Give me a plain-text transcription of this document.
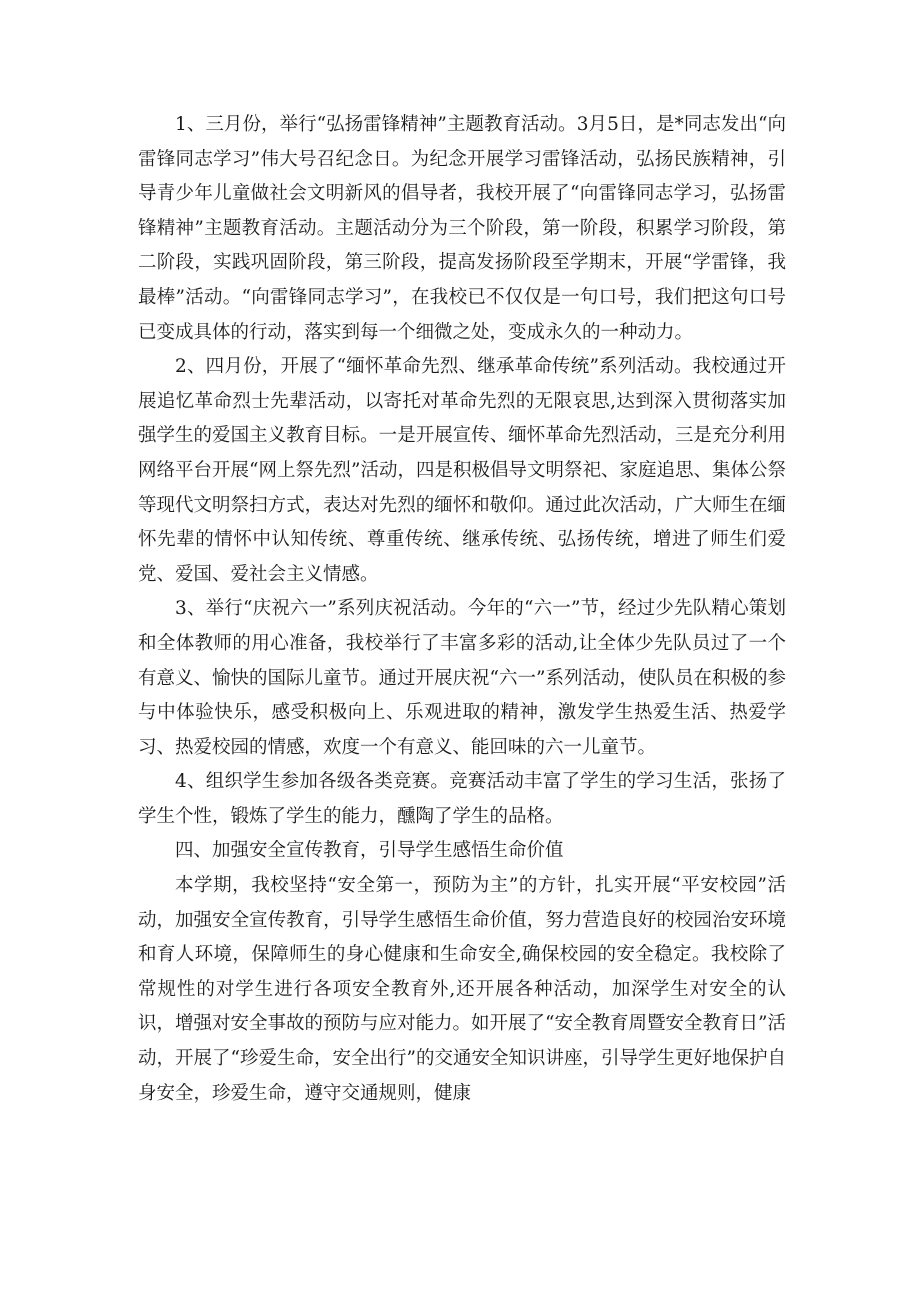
1、三月份，举行“弘扬雷锋精神”主题教育活动。3月5日，是*同志发出“向雷锋同志学习”伟大号召纪念日。为纪念开展学习雷锋活动，弘扬民族精神，引导青少年儿童做社会文明新风的倡导者，我校开展了“向雷锋同志学习，弘扬雷锋精神”主题教育活动。主题活动分为三个阶段，第一阶段，积累学习阶段，第二阶段，实践巩固阶段，第三阶段，提高发扬阶段至学期末，开展“学雷锋，我最棒”活动。“向雷锋同志学习”，在我校已不仅仅是一句口号，我们把这句口号已变成具体的行动，落实到每一个细微之处，变成永久的一种动力。

2、四月份，开展了“缅怀革命先烈、继承革命传统”系列活动。我校通过开展追忆革命烈士先辈活动，以寄托对革命先烈的无限哀思,达到深入贯彻落实加强学生的爱国主义教育目标。一是开展宣传、缅怀革命先烈活动，三是充分利用网络平台开展“网上祭先烈”活动，四是积极倡导文明祭祀、家庭追思、集体公祭等现代文明祭扫方式，表达对先烈的缅怀和敬仰。通过此次活动，广大师生在缅怀先辈的情怀中认知传统、尊重传统、继承传统、弘扬传统，增进了师生们爱党、爱国、爱社会主义情感。

3、举行“庆祝六一”系列庆祝活动。今年的“六一”节，经过少先队精心策划和全体教师的用心准备，我校举行了丰富多彩的活动,让全体少先队员过了一个有意义、愉快的国际儿童节。通过开展庆祝“六一”系列活动，使队员在积极的参与中体验快乐，感受积极向上、乐观进取的精神，激发学生热爱生活、热爱学习、热爱校园的情感，欢度一个有意义、能回味的六一儿童节。

4、组织学生参加各级各类竞赛。竞赛活动丰富了学生的学习生活，张扬了学生个性，锻炼了学生的能力，醺陶了学生的品格。

四、加强安全宣传教育，引导学生感悟生命价值

本学期，我校坚持“安全第一，预防为主”的方针，扎实开展“平安校园”活动，加强安全宣传教育，引导学生感悟生命价值，努力营造良好的校园治安环境和育人环境，保障师生的身心健康和生命安全,确保校园的安全稳定。我校除了常规性的对学生进行各项安全教育外,还开展各种活动，加深学生对安全的认识，增强对安全事故的预防与应对能力。如开展了“安全教育周暨安全教育日”活动，开展了“珍爱生命，安全出行”的交通安全知识讲座，引导学生更好地保护自身安全，珍爱生命，遵守交通规则，健康
